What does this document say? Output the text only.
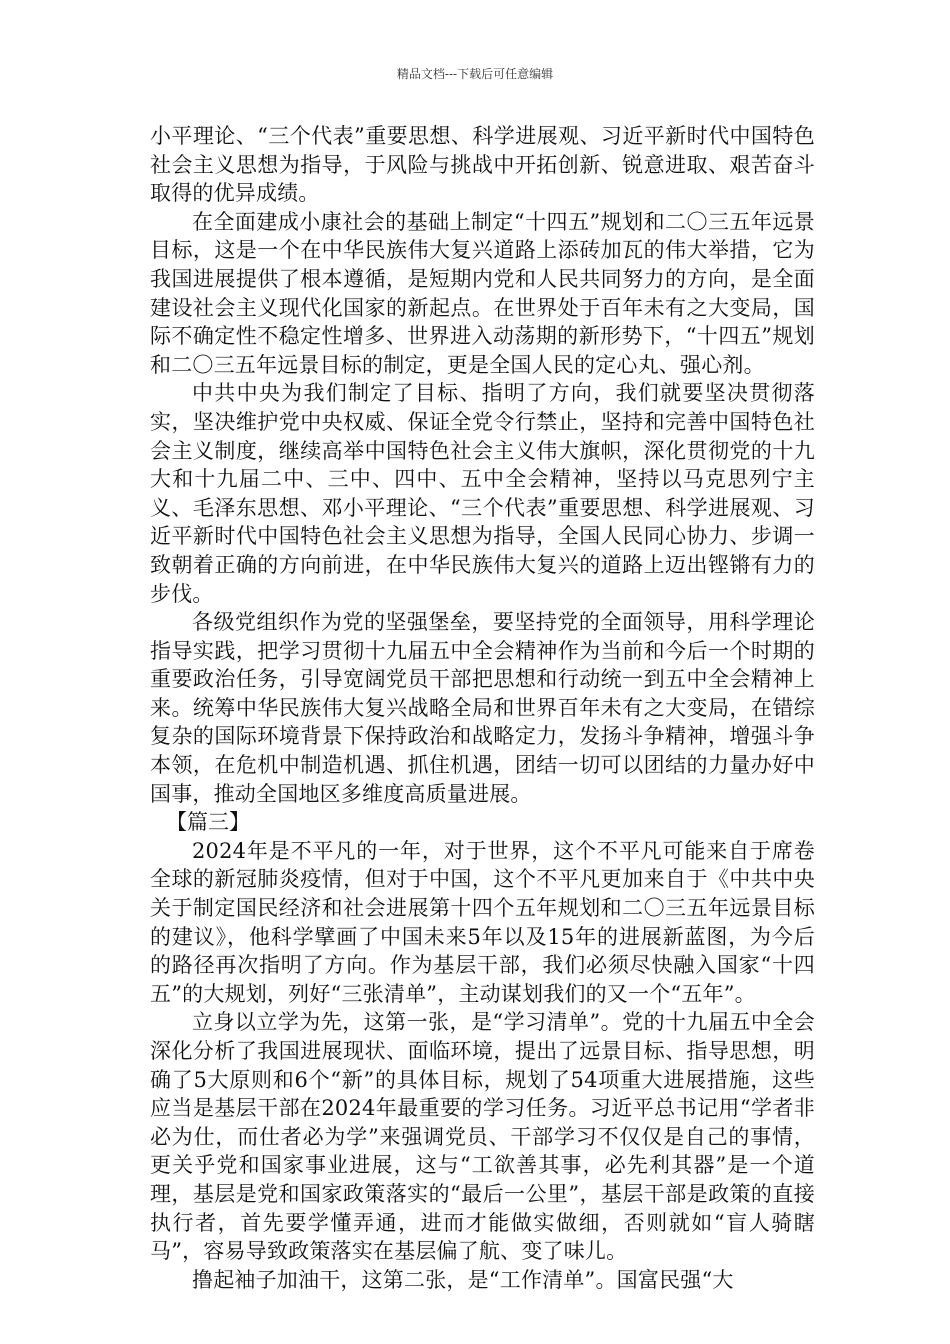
精品文档---下载后可任意编辑

小平理论、“三个代表”重要思想、科学进展观、习近平新时代中国特色社会主义思想为指导，于风险与挑战中开拓创新、锐意进取、艰苦奋斗取得的优异成绩。

在全面建成小康社会的基础上制定“十四五”规划和二〇三五年远景目标，这是一个在中华民族伟大复兴道路上添砖加瓦的伟大举措，它为我国进展提供了根本遵循，是短期内党和人民共同努力的方向，是全面建设社会主义现代化国家的新起点。在世界处于百年未有之大变局，国际不确定性不稳定性增多、世界进入动荡期的新形势下，“十四五”规划和二〇三五年远景目标的制定，更是全国人民的定心丸、强心剂。

中共中央为我们制定了目标、指明了方向，我们就要坚决贯彻落实，坚决维护党中央权威、保证全党令行禁止，坚持和完善中国特色社会主义制度，继续高举中国特色社会主义伟大旗帜，深化贯彻党的十九大和十九届二中、三中、四中、五中全会精神，坚持以马克思列宁主义、毛泽东思想、邓小平理论、“三个代表”重要思想、科学进展观、习近平新时代中国特色社会主义思想为指导，全国人民同心协力、步调一致朝着正确的方向前进，在中华民族伟大复兴的道路上迈出铿锵有力的步伐。

各级党组织作为党的坚强堡垒，要坚持党的全面领导，用科学理论指导实践，把学习贯彻十九届五中全会精神作为当前和今后一个时期的重要政治任务，引导宽阔党员干部把思想和行动统一到五中全会精神上来。统筹中华民族伟大复兴战略全局和世界百年未有之大变局，在错综复杂的国际环境背景下保持政治和战略定力，发扬斗争精神，增强斗争本领，在危机中制造机遇、抓住机遇，团结一切可以团结的力量办好中国事，推动全国地区多维度高质量进展。

【篇三】

2024年是不平凡的一年，对于世界，这个不平凡可能来自于席卷全球的新冠肺炎疫情，但对于中国，这个不平凡更加来自于《中共中央关于制定国民经济和社会进展第十四个五年规划和二〇三五年远景目标的建议》，他科学擘画了中国未来5年以及15年的进展新蓝图，为今后的路径再次指明了方向。作为基层干部，我们必须尽快融入国家“十四五”的大规划，列好“三张清单”，主动谋划我们的又一个“五年”。

立身以立学为先，这第一张，是“学习清单”。党的十九届五中全会深化分析了我国进展现状、面临环境，提出了远景目标、指导思想，明确了5大原则和6个“新”的具体目标，规划了54项重大进展措施，这些应当是基层干部在2024年最重要的学习任务。习近平总书记用“学者非必为仕，而仕者必为学”来强调党员、干部学习不仅仅是自己的事情，更关乎党和国家事业进展，这与“工欲善其事，必先利其器”是一个道理，基层是党和国家政策落实的“最后一公里”，基层干部是政策的直接执行者，首先要学懂弄通，进而才能做实做细，否则就如“盲人骑瞎马”，容易导致政策落实在基层偏了航、变了味儿。

撸起袖子加油干，这第二张，是“工作清单”。国富民强“大
